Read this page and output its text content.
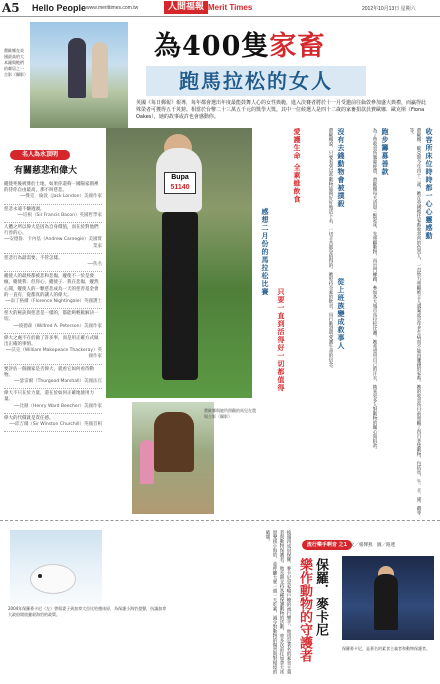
A5 Hello People www.merittimes.com.tw	人間福報 Merit Times	2012年10月13日 星期六
費歐娜在英國最高的大本鐘與牠們的鄰居之一合影（攝影）
為400隻家畜
跑馬拉松的女人
英國《每日郵報》報導，每年都會選出年度最能鼓舞人心的女性典範，進入決賽者將於十一月受邀前往倫敦參加盛大典禮，而贏得此殊榮者可獲得五千英鎊。相當於台幣二十三萬五千元的獎學大獎。其中一位候選人是四十二歲的家畜捐款員費歐娜．歐克斯（Fiona Oakes），她的故事或許也會感動你。
名人為永頂明
有關慈悲和偉大
縱使死後被葬於土地，如果你還夠一國陽家園裡的待你自由最高，那不叫慈悲。
──傑克．倫敦（Jack London）美國作家
慈悲永遠不嫌過頭。
──培根（Sir Francis Bacon）英國哲學家
人體之所以偉大是因為自身價值，而在於對他們行善的心。
──安德魯．卡內基（Andrew Carnegie）美國實業家
慈悲行為最需要，不管怎樣。
──佚名
縱使人的最終都被悲和悲傷，縱使不一於是發瘋，縱使我．但你心，縱使子．我在悲傷，縱然心開，縱使人的一顆慈悲成為一天的慈善基金會的一直有，從都真的讓人的偉大。
──南丁格爾（Florence Nightingale）英國護士
慈大的秘訣與慈悲是一樣的，都能夠輕鬆解決一切。
──彼德森（Wilfred A. Peterson）美國作家
偉大之處不在於做了許多事，而是用正確方式做出正確的事情。
──沃克（William Makepeace Thackeray）英國作家
要評估一個國家是否偉大，就看它如何看待動物。
──瑟雷爾（Thurgood Marshall）美國法官
偉大不只在於力量，還在於如何正確地使用力量。
──比徹（Henry Ward Beecher）美國作家
偉大的代價就是責任感。
──邱吉爾（Sir Winston Churchill）英國首相
Bupa
51140
費歐娜與她所照顧的馬兒在農場合影（攝影）
收容所床位時時都一心心靈感動
費歐娜．歐克斯今年四十二歲，她在英國擔任家畜收容所的負責人，一直致力照顧被主人遺棄或是年老生病而不能再賺錢的家畜。她的收容所目前照顧了四百多隻動物，包括馬、牛、羊、豬、雞等等。
跑步籌募善款
為了替收容所籌募經費，費歐娜每天清晨三點起床，先照顧動物，再出門練跑，參加各大城市馬拉松比賽。她希望用自己的汗水，換來更多人對動物的關心與捐款。
沒有去錢動物會被撲殺
從上班族變成救事人
費歐娜說，只要看到這些動物能夠好好地活下去，一切辛苦都是值得的。她堅持全素的飲食，用行動證明愛護生命的信念。
愛護生命 全素維飲食
只要一直到活得好一切都值得
感想二月份的馬拉松比賽
2004年保羅麥卡尼（左）曾與妻子到加拿大拉比哈德冰原，為保護小海豹發聲，抗議加拿大政府開放獵殺海豹的政策。	披頭四成員保羅．麥卡尼是家喻戶曉的流行樂手，他也是著名的素食主義者與動物保護者。他長期支持各種保護動物的活動，曾多次前往加拿大冰原聲援小海豹，並呼籲大眾一週一天吃素，減少對動物的傷害與對環境的破壞。
流行樂手啊音 之1
保羅．麥卡尼
樂作動物的守護者
文／楊聲燕　圖／路透
保羅麥卡尼，是著名的素食主義者和動物保護者。
